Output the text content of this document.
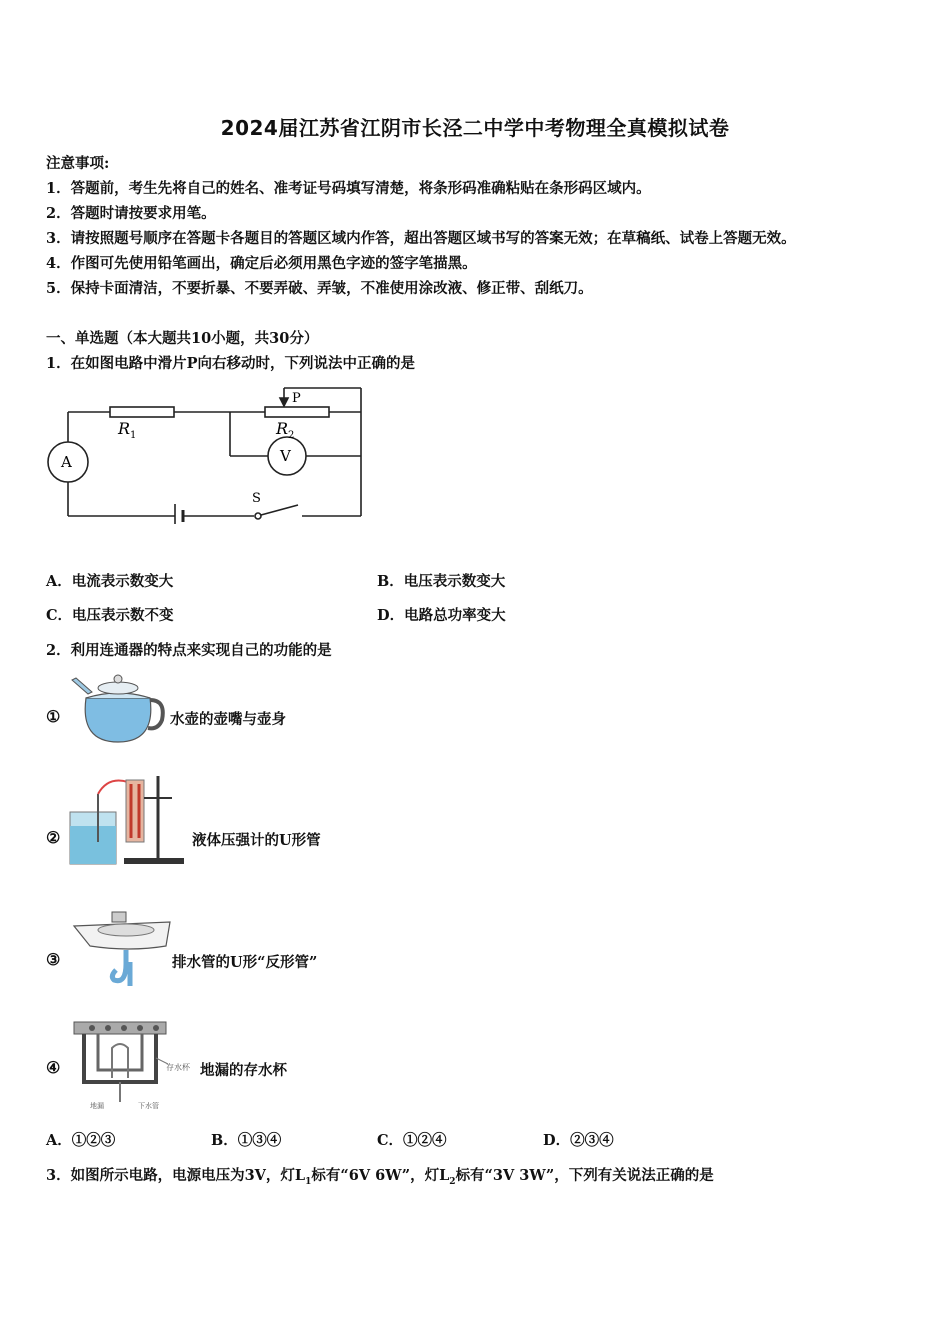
2024届江苏省江阴市长泾二中学中考物理全真模拟试卷
注意事项:
1．答题前，考生先将自己的姓名、准考证号码填写清楚，将条形码准确粘贴在条形码区域内。
2．答题时请按要求用笔。
3．请按照题号顺序在答题卡各题目的答题区域内作答，超出答题区域书写的答案无效；在草稿纸、试卷上答题无效。
4．作图可先使用铅笔画出，确定后必须用黑色字迹的签字笔描黑。
5．保持卡面清洁，不要折暴、不要弄破、弄皱，不准使用涂改液、修正带、刮纸刀。
一、单选题（本大题共10小题，共30分）
1．在如图电路中滑片P向右移动时，下列说法中正确的是
R 1	R 2
P
A	V
S
A．电流表示数变大	B．电压表示数变大
C．电压表示数不变	D．电路总功率变大
2．利用连通器的特点来实现自己的功能的是
①	水壶的壶嘴与壶身
②	液体压强计的U形管
③	排水管的U形“反形管”
④	存水杯
地漏	下水管
地漏的存水杯
A．①②③	B．①③④	C．①②④	D．②③④
3．如图所示电路，电源电压为3V，灯$L_1$标有“6V 6W”，灯$L_2$标有“3V 3W”，下列有关说法正确的是
